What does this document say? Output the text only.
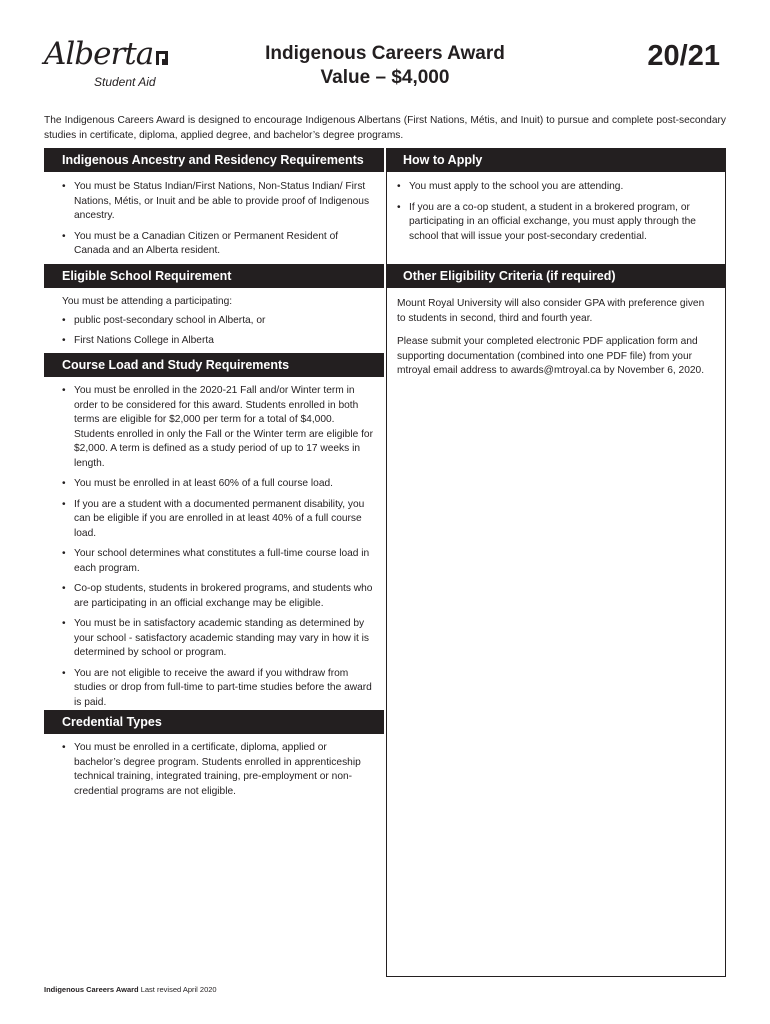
Alberta
Student Aid
Indigenous Careers Award
Value – $4,000
20/21

The Indigenous Careers Award is designed to encourage Indigenous Albertans (First Nations, Métis, and Inuit) to pursue and complete post-secondary studies in certificate, diploma, applied degree, and bachelor’s degree programs.

Indigenous Ancestry and Residency Requirements
• You must be Status Indian/First Nations, Non-Status Indian/ First Nations, Métis, or Inuit and be able to provide proof of Indigenous ancestry.
• You must be a Canadian Citizen or Permanent Resident of Canada and an Alberta resident.
Eligible School Requirement

You must be attending a participating:

• public post-secondary school in Alberta, or
• First Nations College in Alberta
Course Load and Study Requirements
• You must be enrolled in the 2020-21 Fall and/or Winter term in order to be considered for this award. Students enrolled in both terms are eligible for $2,000 per term for a total of $4,000. Students enrolled in only the Fall or the Winter term are eligible for $2,000. A term is defined as a study period of up to 17 weeks in length.
• You must be enrolled in at least 60% of a full course load.
• If you are a student with a documented permanent disability, you can be eligible if you are enrolled in at least 40% of a full course load.
• Your school determines what constitutes a full-time course load in each program.
• Co-op students, students in brokered programs, and students who are participating in an official exchange may be eligible.
• You must be in satisfactory academic standing as determined by your school - satisfactory academic standing may vary in how it is determined by school or program.
• You are not eligible to receive the award if you withdraw from studies or drop from full-time to part-time studies before the award is paid.
Credential Types
• You must be enrolled in a certificate, diploma, applied or bachelor’s degree program. Students enrolled in apprenticeship technical training, integrated training, pre-employment or non-credential programs are not eligible.
How to Apply
• You must apply to the school you are attending.
• If you are a co-op student, a student in a brokered program, or participating in an official exchange, you must apply through the school that will issue your post-secondary credential.
Other Eligibility Criteria (if required)

Mount Royal University will also consider GPA with preference given to students in second, third and fourth year.

Please submit your completed electronic PDF application form and supporting documentation (combined into one PDF file) from your mtroyal email address to awards@mtroyal.ca by November 6, 2020.

Indigenous Careers Award Last revised April 2020
